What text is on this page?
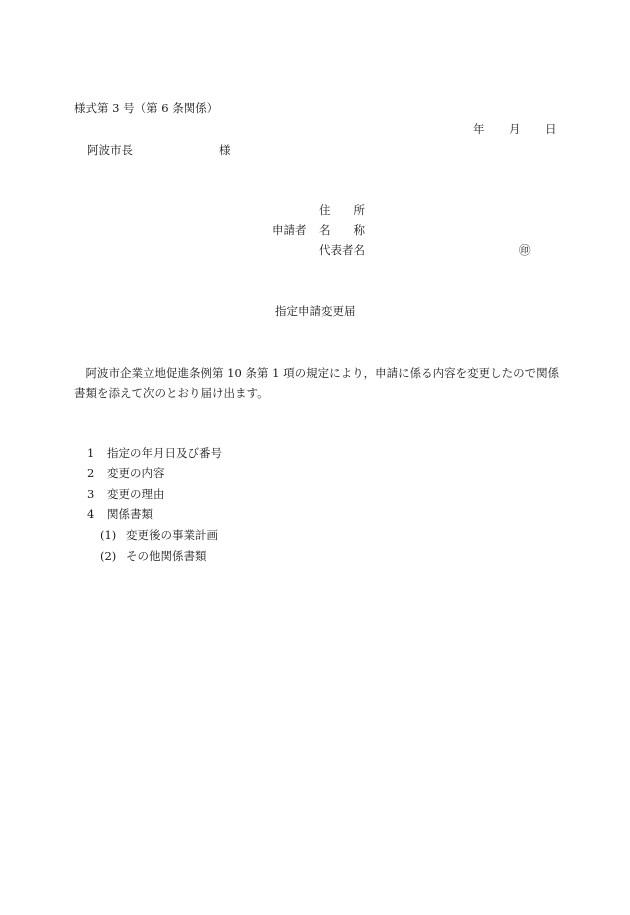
様式第 3 号（第 6 条関係）
年 月 日
阿波市長	様
住　　所
申請者 名　　称
代表者名	㊞
指定申請変更届
阿波市企業立地促進条例第 10 条第 1 項の規定により，申請に係る内容を変更したので関係書類を添えて次のとおり届け出ます。
1 指定の年月日及び番号
2 変更の内容
3 変更の理由
4 関係書類
(1) 変更後の事業計画
(2) その他関係書類
